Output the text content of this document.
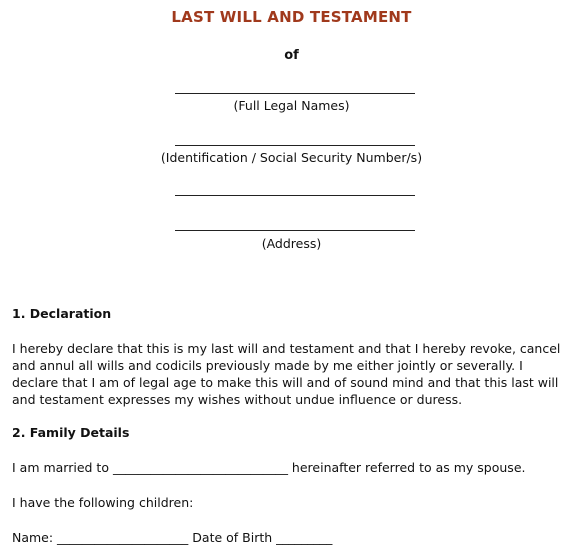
LAST WILL AND TESTAMENT
of
(Full Legal Names)
(Identification / Social Security Number/s)
(Address)
1. Declaration
I hereby declare that this is my last will and testament and that I hereby revoke, cancel
and annul all wills and codicils previously made by me either jointly or severally. I
declare that I am of legal age to make this will and of sound mind and that this last will
and testament expresses my wishes without undue influence or duress.
2. Family Details
I am married to ____________________________ hereinafter referred to as my spouse.
I have the following children:
Name: _____________________ Date of Birth _________
